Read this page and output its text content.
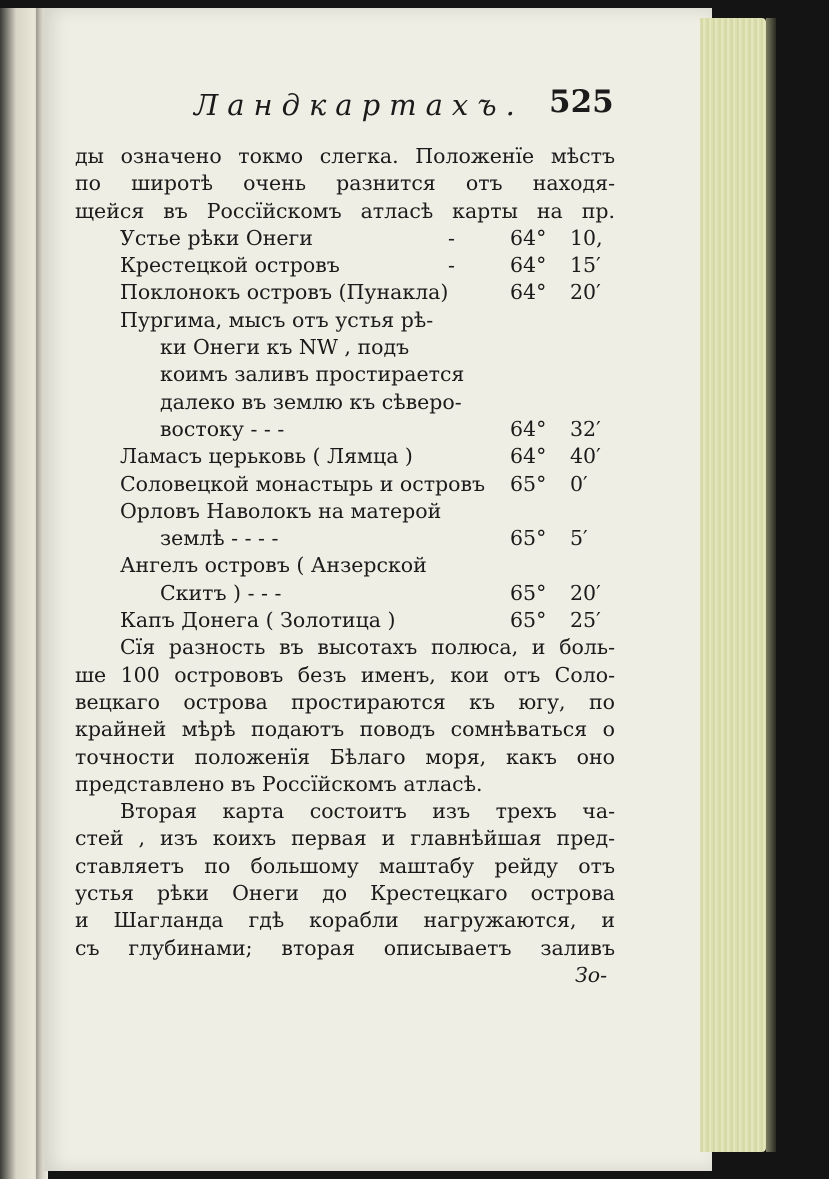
Ландкартахъ. 525
ды означено токмо слегка. Положенїе мѣстъ
по широтѣ очень разнится отъ находя-
щейся въ Россїйскомъ атласѣ карты на пр.
Устье рѣки Онеги	-	64° 10,
Крестецкой островъ	-	64° 15′
Поклонокъ островъ (Пунакла)	64° 20′
Пургима, мысъ отъ устья рѣ-
ки Онеги къ NW , подъ
коимъ заливъ простирается
далеко въ землю къ сѣверо-
востоку - - -	64° 32′
Ламасъ церьковь ( Лямца )	64° 40′
Соловецкой монастырь и островъ 65° 0′
Орловъ Наволокъ на матерой
землѣ - - - -	65° 5′
Ангелъ островъ ( Анзерской
Скитъ ) - - -	65° 20′
Капъ Донега ( Золотица )	65° 25′
Сїя разность въ высотахъ полюса, и боль-
ше 100 острововъ безъ именъ, кои отъ Соло-
вецкаго острова простираются къ югу, по
крайней мѣрѣ подаютъ поводъ сомнѣваться о
точности положенїя Бѣлаго моря, какъ оно
представлено въ Россїйскомъ атласѣ.
Вторая карта состоитъ изъ трехъ ча-
стей , изъ коихъ первая и главнѣйшая пред-
ставляетъ по большому маштабу рейду отъ
устья рѣки Онеги до Крестецкаго острова
и Шагланда гдѣ корабли нагружаются, и
съ глубинами; вторая описываетъ заливъ
Зо-
